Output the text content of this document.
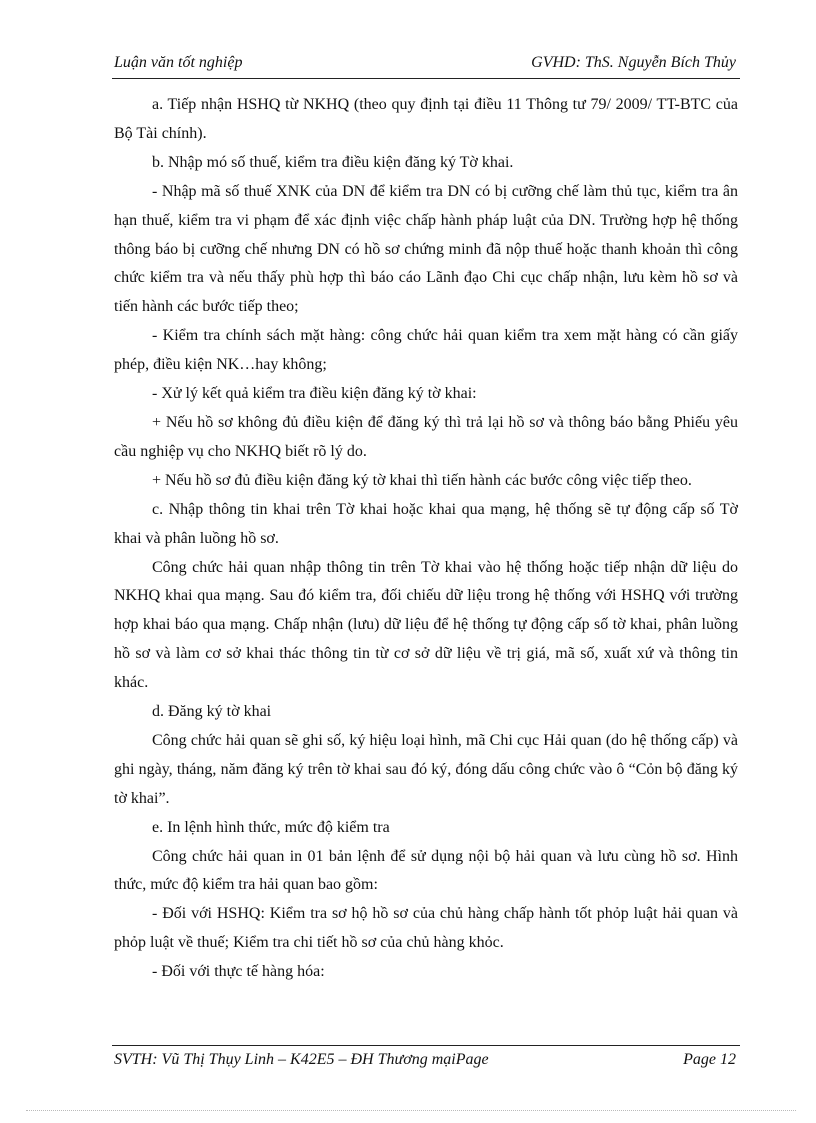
Luận văn tốt nghiệp	GVHD: ThS. Nguyễn Bích Thủy

a. Tiếp nhận HSHQ từ NKHQ (theo quy định tại điều 11 Thông tư 79/ 2009/ TT-BTC của Bộ Tài chính).

b. Nhập mó số thuế, kiểm tra điều kiện đăng ký Tờ khai.

- Nhập mã số thuế XNK của DN để kiểm tra DN có bị cưỡng chế làm thủ tục, kiểm tra ân hạn thuế, kiểm tra vi phạm để xác định việc chấp hành pháp luật của DN. Trường hợp hệ thống thông báo bị cưỡng chế nhưng DN có hồ sơ chứng minh đã nộp thuế hoặc thanh khoản thì công chức kiểm tra và nếu thấy phù hợp thì báo cáo Lãnh đạo Chi cục chấp nhận, lưu kèm hồ sơ và tiến hành các bước tiếp theo;

- Kiểm tra chính sách mặt hàng: công chức hải quan kiểm tra xem mặt hàng có cần giấy phép, điều kiện NK…hay không;

- Xử lý kết quả kiểm tra điều kiện đăng ký tờ khai:

+ Nếu hồ sơ không đủ điều kiện để đăng ký thì trả lại hồ sơ và thông báo bằng Phiếu yêu cầu nghiệp vụ cho NKHQ biết rõ lý do.

+ Nếu hồ sơ đủ điều kiện đăng ký tờ khai thì tiến hành các bước công việc tiếp theo.

c. Nhập thông tin khai trên Tờ khai hoặc khai qua mạng, hệ thống sẽ tự động cấp số Tờ khai và phân luồng hồ sơ.

Công chức hải quan nhập thông tin trên Tờ khai vào hệ thống hoặc tiếp nhận dữ liệu do NKHQ khai qua mạng. Sau đó kiểm tra, đối chiếu dữ liệu trong hệ thống với HSHQ với trường hợp khai báo qua mạng. Chấp nhận (lưu) dữ liệu để hệ thống tự động cấp số tờ khai, phân luồng hồ sơ và làm cơ sở khai thác thông tin từ cơ sở dữ liệu về trị giá, mã số, xuất xứ và thông tin khác.

d. Đăng ký tờ khai

Công chức hải quan sẽ ghi số, ký hiệu loại hình, mã Chi cục Hải quan (do hệ thống cấp) và ghi ngày, tháng, năm đăng ký trên tờ khai sau đó ký, đóng dấu công chức vào ô “Cỏn bộ đăng ký tờ khai”.

e. In lệnh hình thức, mức độ kiểm tra

Công chức hải quan in 01 bản lệnh để sử dụng nội bộ hải quan và lưu cùng hồ sơ. Hình thức, mức độ kiểm tra hải quan bao gồm:

- Đối với HSHQ: Kiểm tra sơ hộ hồ sơ của chủ hàng chấp hành tốt phỏp luật hải quan và phỏp luật về thuế; Kiểm tra chi tiết hồ sơ của chủ hàng khỏc.

- Đối với thực tế hàng hóa:

SVTH: Vũ Thị Thụy Linh – K42E5 – ĐH Thương mạiPage	Page 12
